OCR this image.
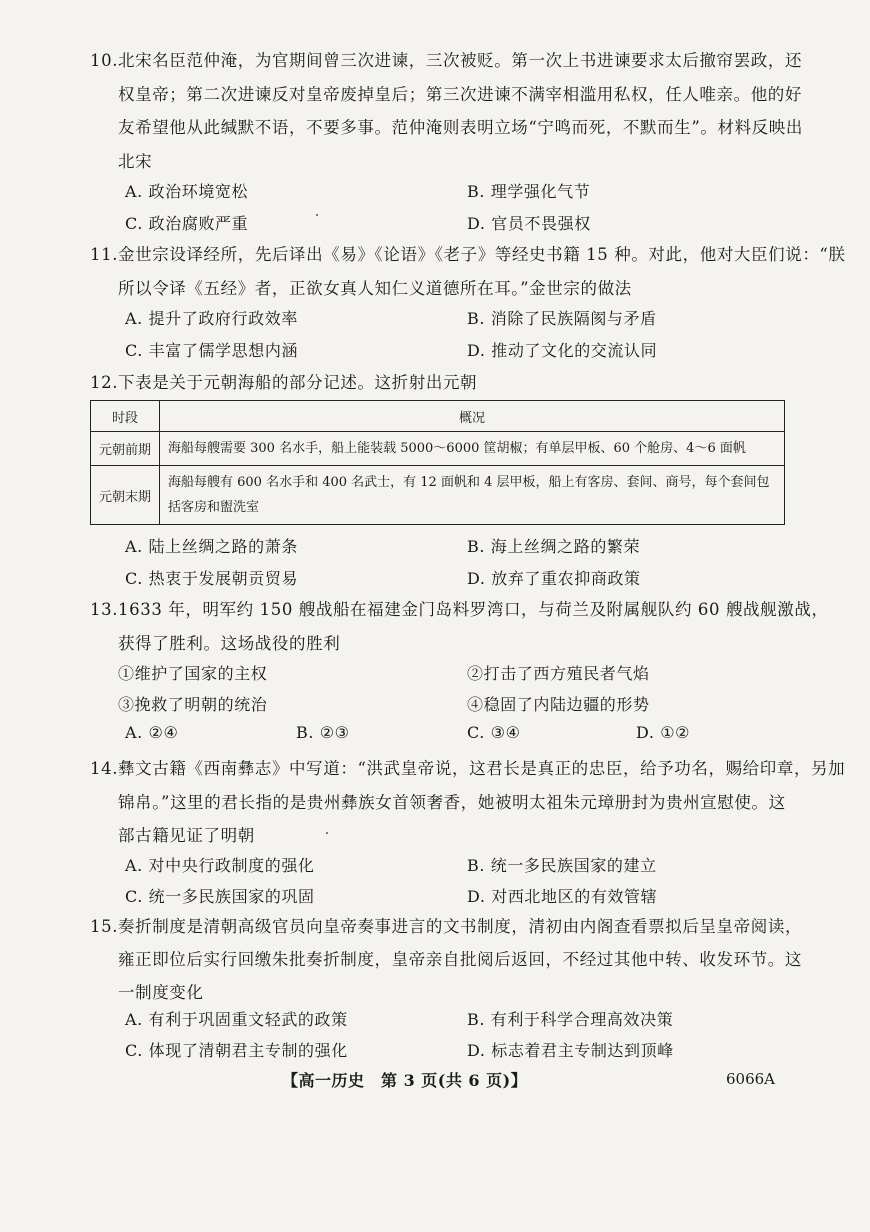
10.北宋名臣范仲淹，为官期间曾三次进谏，三次被贬。第一次上书进谏要求太后撤帘罢政，还
权皇帝；第二次进谏反对皇帝废掉皇后；第三次进谏不满宰相滥用私权，任人唯亲。他的好
友希望他从此缄默不语，不要多事。范仲淹则表明立场“宁鸣而死，不默而生”。材料反映出
北宋
A. 政治环境宽松	B. 理学强化气节
C. 政治腐败严重	D. 官员不畏强权
11.金世宗设译经所，先后译出《易》《论语》《老子》等经史书籍 15 种。对此，他对大臣们说：“朕
所以令译《五经》者，正欲女真人知仁义道德所在耳。”金世宗的做法
A. 提升了政府行政效率	B. 消除了民族隔阂与矛盾
C. 丰富了儒学思想内涵	D. 推动了文化的交流认同
12.下表是关于元朝海船的部分记述。这折射出元朝
时段	概况
元朝前期	海船每艘需要 300 名水手，船上能装载 5000～6000 筐胡椒；有单层甲板、60 个舱房、4～6 面帆
元朝末期	海船每艘有 600 名水手和 400 名武士，有 12 面帆和 4 层甲板，船上有客房、套间、商号，每个套间包括客房和盥洗室
A. 陆上丝绸之路的萧条	B. 海上丝绸之路的繁荣
C. 热衷于发展朝贡贸易	D. 放弃了重农抑商政策
13.1633 年，明军约 150 艘战船在福建金门岛料罗湾口，与荷兰及附属舰队约 60 艘战舰激战，
获得了胜利。这场战役的胜利
①维护了国家的主权	②打击了西方殖民者气焰
③挽救了明朝的统治	④稳固了内陆边疆的形势
A. ②④	B. ②③	C. ③④	D. ①②
14.彝文古籍《西南彝志》中写道：“洪武皇帝说，这君长是真正的忠臣，给予功名，赐给印章，另加
锦帛。”这里的君长指的是贵州彝族女首领奢香，她被明太祖朱元璋册封为贵州宣慰使。这
部古籍见证了明朝
A. 对中央行政制度的强化	B. 统一多民族国家的建立
C. 统一多民族国家的巩固	D. 对西北地区的有效管辖
15.奏折制度是清朝高级官员向皇帝奏事进言的文书制度，清初由内阁查看票拟后呈皇帝阅读，
雍正即位后实行回缴朱批奏折制度，皇帝亲自批阅后返回，不经过其他中转、收发环节。这
一制度变化
A. 有利于巩固重文轻武的政策	B. 有利于科学合理高效决策
C. 体现了清朝君主专制的强化	D. 标志着君主专制达到顶峰
【高一历史　第 3 页(共 6 页)】	6066A
